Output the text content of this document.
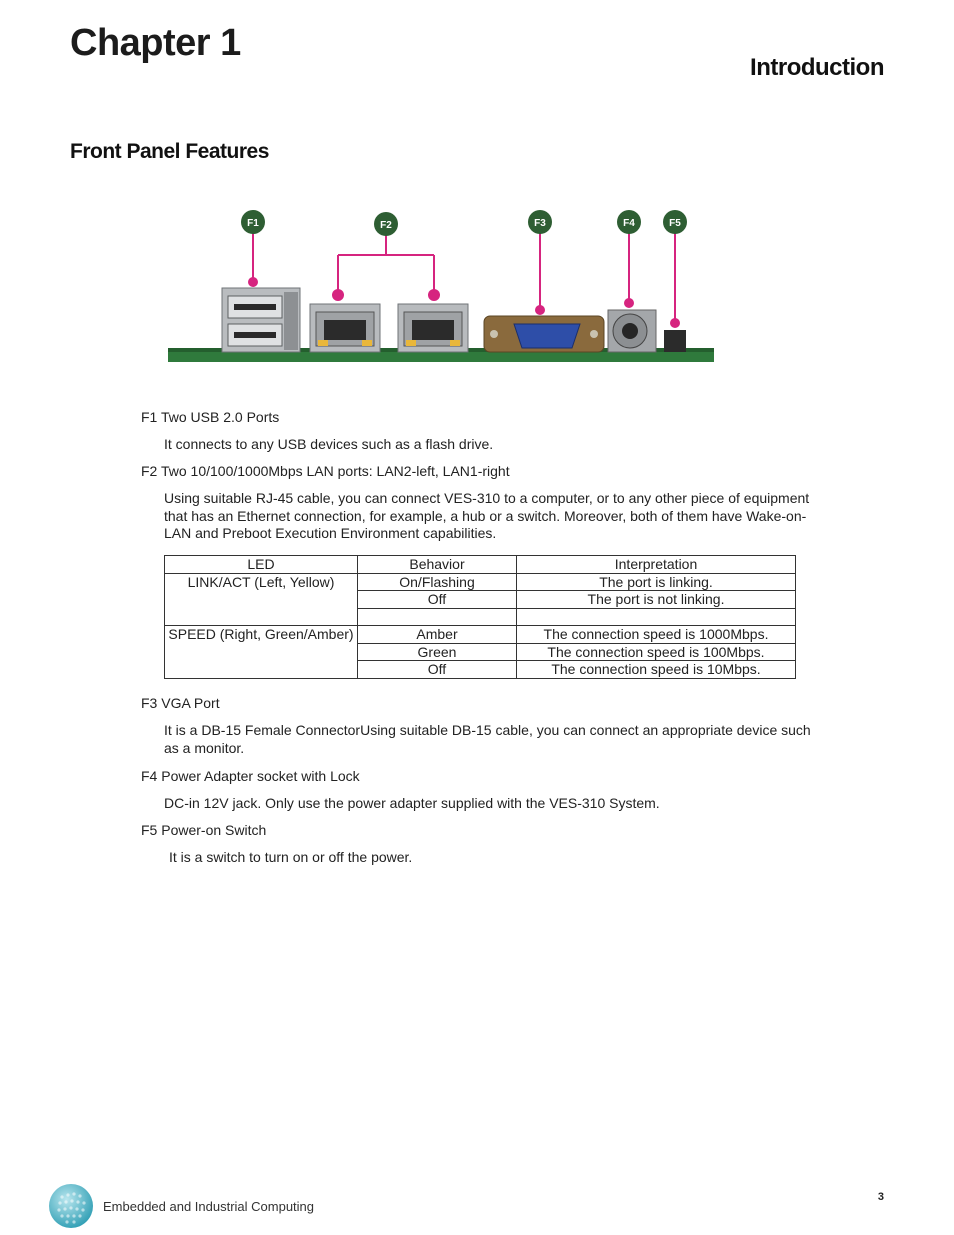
Chapter 1
Introduction
Front Panel Features
F1	F2	F3	F4	F5
F1 Two USB 2.0 Ports
It connects to any USB devices such as a flash drive.
F2 Two 10/100/1000Mbps LAN ports: LAN2-left, LAN1-right
Using suitable RJ-45 cable, you can connect VES-310 to a computer, or to any other piece of equipment that has an Ethernet connection, for example, a hub or a switch. Moreover, both of them have Wake-on-LAN and Preboot Execution Environment capabilities.
LED	Behavior	Interpretation
LINK/ACT (Left, Yellow)	On/Flashing	The port is linking.
	Off	The port is not linking.

SPEED (Right, Green/Amber)	Amber	The connection speed is 1000Mbps.
	Green	The connection speed is 100Mbps.
	Off	The connection speed is 10Mbps.
F3 VGA Port
It is a DB-15 Female ConnectorUsing suitable DB-15 cable, you can connect an appropriate device such as a monitor.
F4 Power Adapter socket with Lock
DC-in 12V jack. Only use the power adapter supplied with the VES-310 System.
F5 Power-on Switch
It is a switch to turn on or off the power.
Embedded and Industrial Computing
3
